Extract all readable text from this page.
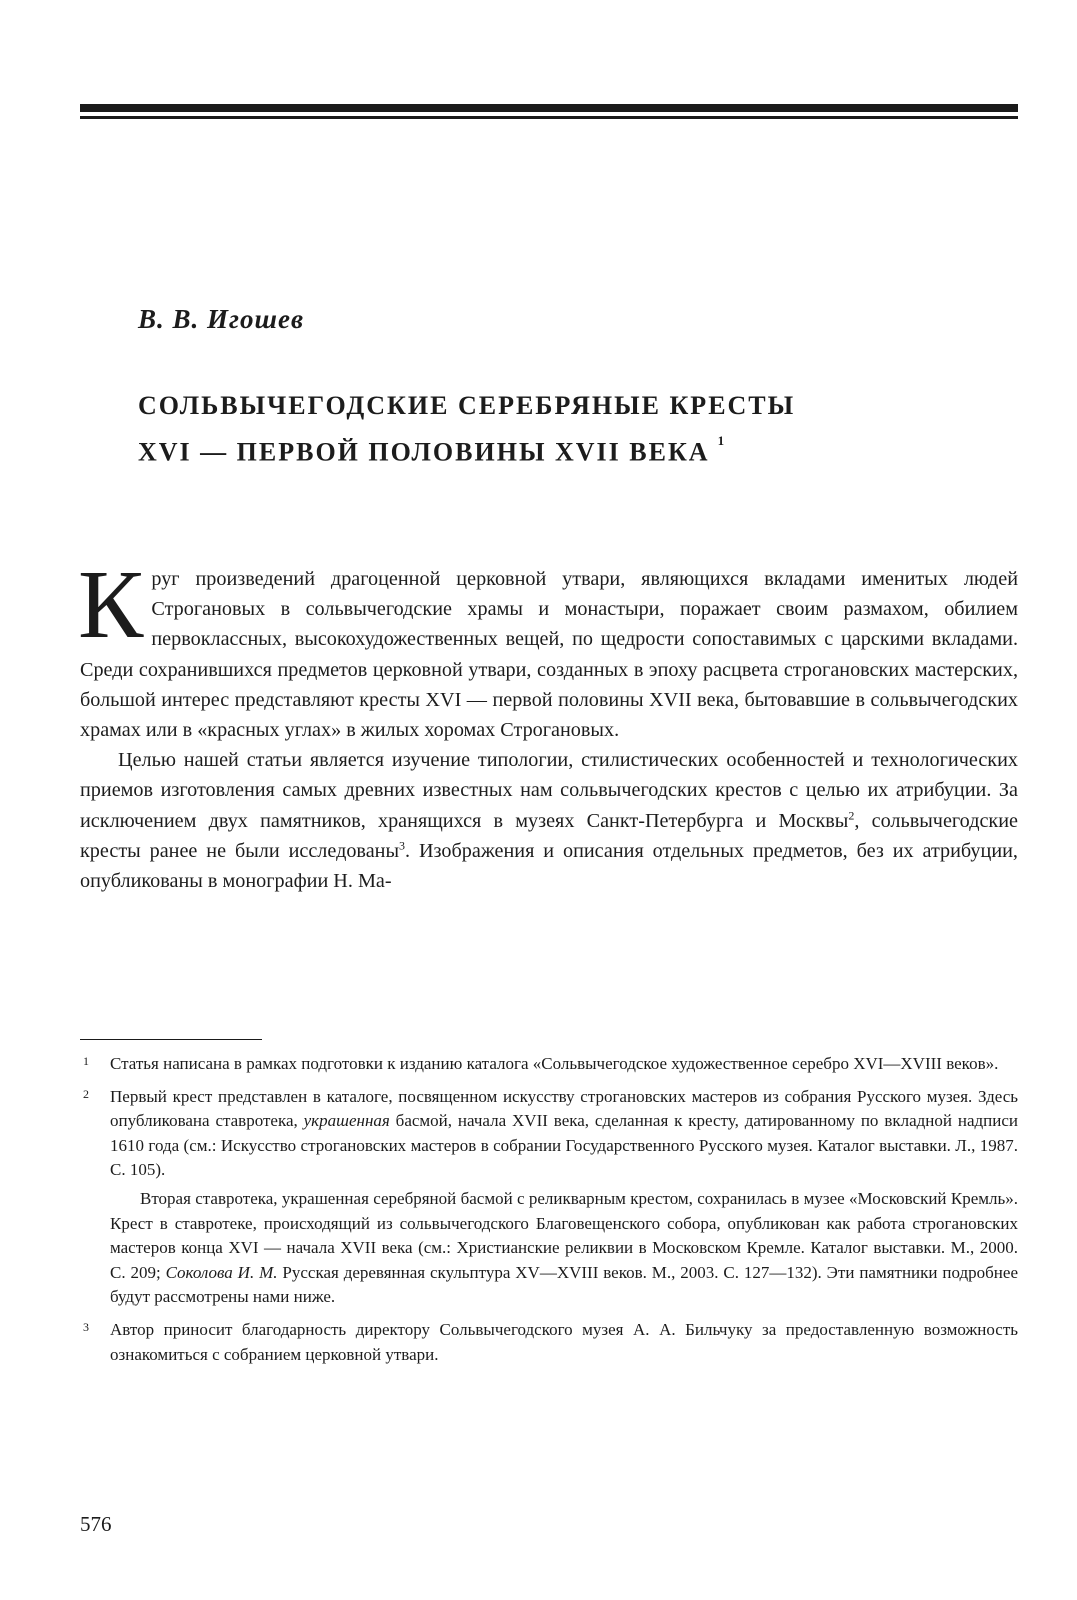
В. В. Игошев

СОЛЬВЫЧЕГОДСКИЕ СЕРЕБРЯНЫЕ КРЕСТЫ
XVI — ПЕРВОЙ ПОЛОВИНЫ XVII ВЕКА $^1$

Круг произведений драгоценной церковной утвари, являющихся вкладами именитых людей Строгановых в сольвычегодские храмы и монастыри, поражает своим размахом, обилием первоклассных, высокохудожественных вещей, по щедрости сопоставимых с царскими вкладами. Среди сохранившихся предметов церковной утвари, созданных в эпоху расцвета строгановских мастерских, большой интерес представляют кресты XVI — первой половины XVII века, бытовавшие в сольвычегодских храмах или в «красных углах» в жилых хоромах Строгановых.

Целью нашей статьи является изучение типологии, стилистических особенностей и технологических приемов изготовления самых древних известных нам сольвычегодских крестов с целью их атрибуции. За исключением двух памятников, хранящихся в музеях Санкт-Петербурга и Москвы$^2$, сольвычегодские кресты ранее не были исследованы$^3$. Изображения и описания отдельных предметов, без их атрибуции, опубликованы в монографии Н. Ма-

1 Статья написана в рамках подготовки к изданию каталога «Сольвычегодское художественное серебро XVI—XVIII веков».

2 Первый крест представлен в каталоге, посвященном искусству строгановских мастеров из собрания Русского музея. Здесь опубликована ставротека, украшенная басмой, начала XVII века, сделанная к кресту, датированному по вкладной надписи 1610 года (см.: Искусство строгановских мастеров в собрании Государственного Русского музея. Каталог выставки. Л., 1987. С. 105).

Вторая ставротека, украшенная серебряной басмой с реликварным крестом, сохранилась в музее «Московский Кремль». Крест в ставротеке, происходящий из сольвычегодского Благовещенского собора, опубликован как работа строгановских мастеров конца XVI — начала XVII века (см.: Христианские реликвии в Московском Кремле. Каталог выставки. М., 2000. С. 209; Соколова И. М. Русская деревянная скульптура XV—XVIII веков. М., 2003. С. 127—132). Эти памятники подробнее будут рассмотрены нами ниже.

3 Автор приносит благодарность директору Сольвычегодского музея А. А. Бильчуку за предоставленную возможность ознакомиться с собранием церковной утвари.

576
